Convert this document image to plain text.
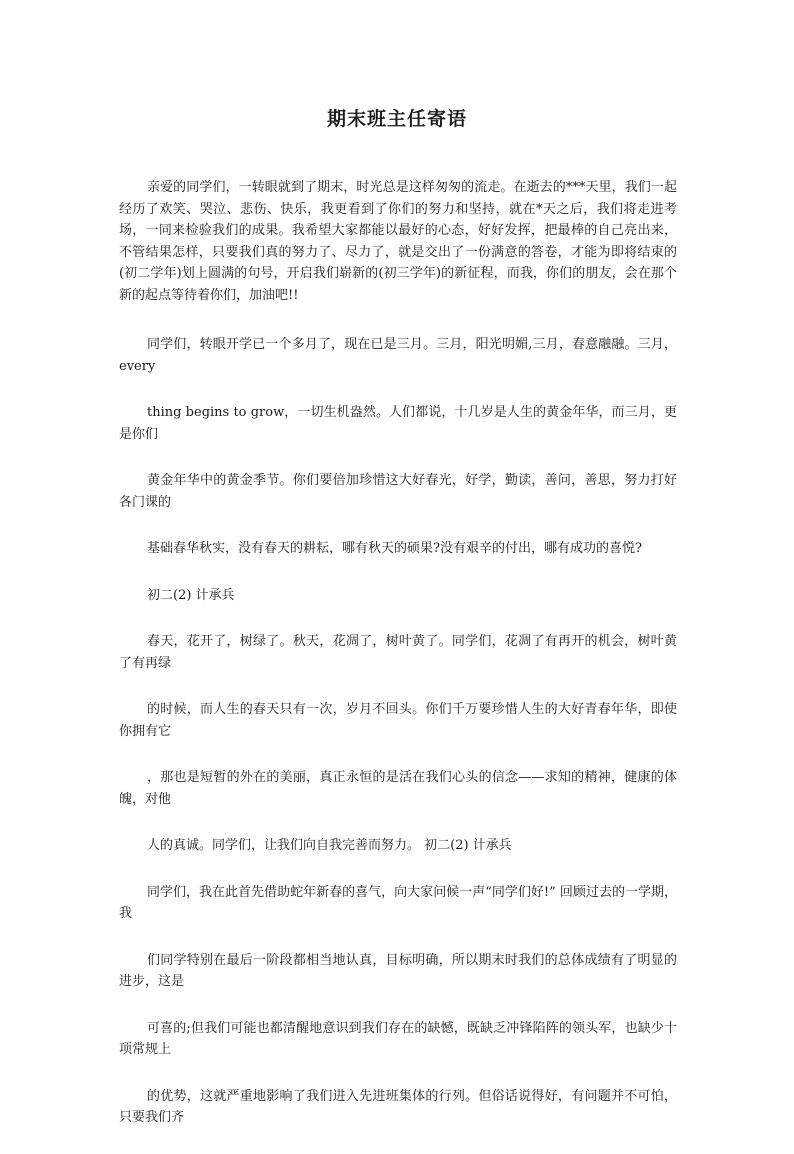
期末班主任寄语

亲爱的同学们，一转眼就到了期末，时光总是这样匆匆的流走。在逝去的***天里，我们一起经历了欢笑、哭泣、悲伤、快乐，我更看到了你们的努力和坚持，就在*天之后，我们将走进考场，一同来检验我们的成果。我希望大家都能以最好的心态，好好发挥，把最棒的自己亮出来，不管结果怎样，只要我们真的努力了、尽力了，就是交出了一份满意的答卷，才能为即将结束的(初二学年)划上圆满的句号，开启我们崭新的(初三学年)的新征程，而我，你们的朋友，会在那个新的起点等待着你们，加油吧!!

同学们，转眼开学已一个多月了，现在已是三月。三月，阳光明媚,三月，春意融融。三月，every

thing begins to grow，一切生机盎然。人们都说，十几岁是人生的黄金年华，而三月，更是你们

黄金年华中的黄金季节。你们要倍加珍惜这大好春光，好学，勤读，善问，善思，努力打好各门课的

基础春华秋实，没有春天的耕耘，哪有秋天的硕果?没有艰辛的付出，哪有成功的喜悦?

初二(2) 计承兵

春天，花开了，树绿了。秋天，花凋了，树叶黄了。同学们，花凋了有再开的机会，树叶黄了有再绿

的时候，而人生的春天只有一次，岁月不回头。你们千万要珍惜人生的大好青春年华，即使你拥有它

，那也是短暂的外在的美丽，真正永恒的是活在我们心头的信念——求知的精神，健康的体魄，对他

人的真诚。同学们，让我们向自我完善而努力。 初二(2) 计承兵

同学们，我在此首先借助蛇年新春的喜气，向大家问候一声“同学们好!” 回顾过去的一学期，我

们同学特别在最后一阶段都相当地认真，目标明确，所以期末时我们的总体成绩有了明显的进步，这是

可喜的;但我们可能也都清醒地意识到我们存在的缺憾，既缺乏冲锋陷阵的领头军，也缺少十项常规上

的优势，这就严重地影响了我们进入先进班集体的行列。但俗话说得好，有问题并不可怕，只要我们齐
